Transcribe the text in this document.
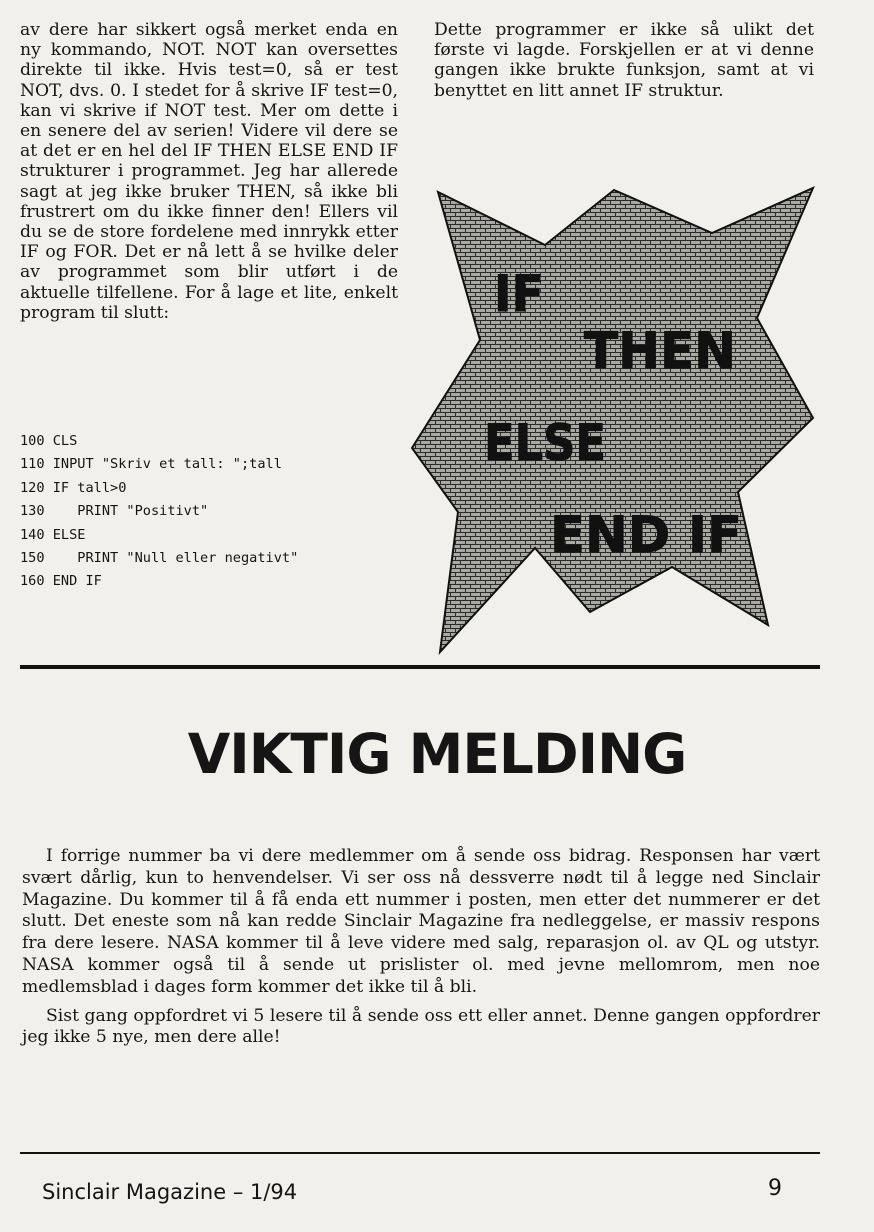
av dere har sikkert også merket enda en ny kommando, NOT. NOT kan oversettes direkte til ikke. Hvis test=0, så er test NOT, dvs. 0. I stedet for å skrive IF test=0, kan vi skrive if NOT test. Mer om dette i en senere del av serien! Videre vil dere se at det er en hel del IF THEN ELSE END IF strukturer i programmet. Jeg har allerede sagt at jeg ikke bruker THEN, så ikke bli frustrert om du ikke finner den! Ellers vil du se de store fordelene med innrykk etter IF og FOR. Det er nå lett å se hvilke deler av programmet som blir utført i de aktuelle tilfellene. For å lage et lite, enkelt program til slutt:

100 CLS
110 INPUT "Skriv et tall: ";tall
120 IF tall>0
130    PRINT "Positivt"
140 ELSE
150    PRINT "Null eller negativt"
160 END IF

Dette programmer er ikke så ulikt det første vi lagde. Forskjellen er at vi denne gangen ikke brukte funksjon, samt at vi benyttet en litt annet IF struktur.

IF
THEN
ELSE
END IF
VIKTIG MELDING

I forrige nummer ba vi dere medlemmer om å sende oss bidrag. Responsen har vært svært dårlig, kun to henvendelser. Vi ser oss nå dessverre nødt til å legge ned Sinclair Magazine. Du kommer til å få enda ett nummer i posten, men etter det nummerer er det slutt. Det eneste som nå kan redde Sinclair Magazine fra nedleggelse, er massiv respons fra dere lesere. NASA kommer til å leve videre med salg, reparasjon ol. av QL og utstyr. NASA kommer også til å sende ut prislister ol. med jevne mellomrom, men noe medlemsblad i dages form kommer det ikke til å bli.

Sist gang oppfordret vi 5 lesere til å sende oss ett eller annet. Denne gangen oppfordrer jeg ikke 5 nye, men dere alle!

Sinclair Magazine – 1/94	9
